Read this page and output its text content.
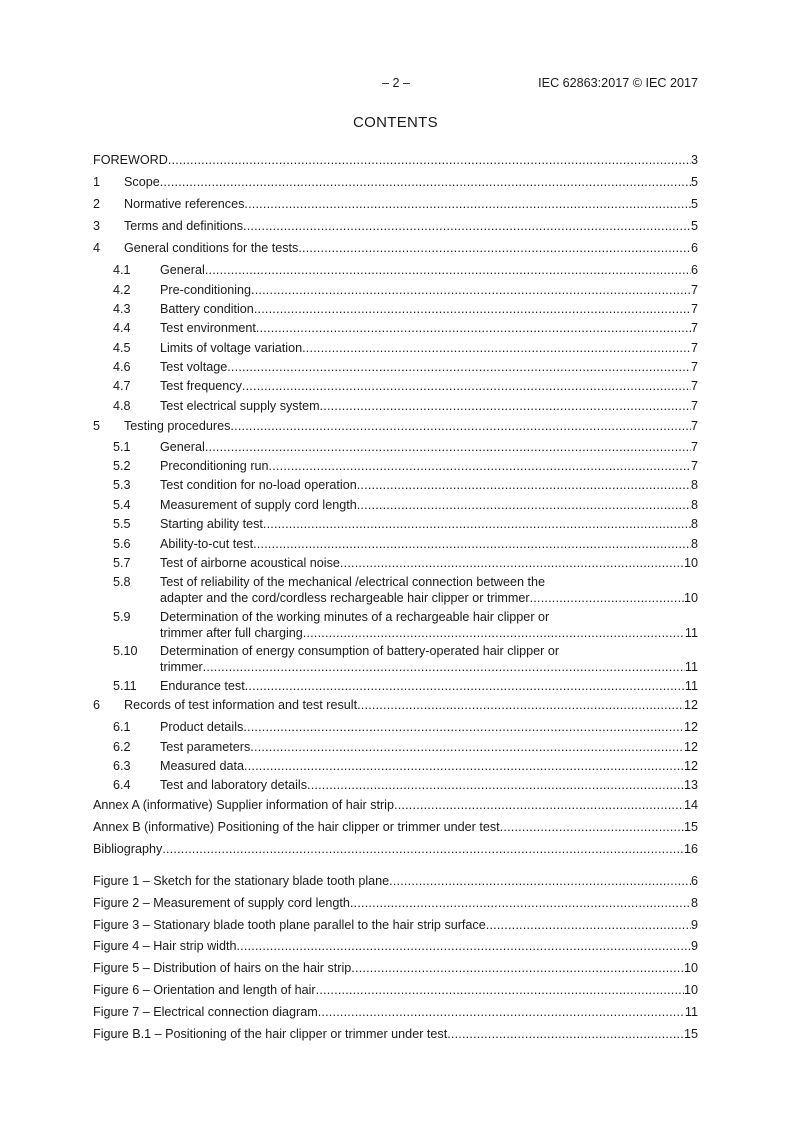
– 2 –	IEC 62863:2017 © IEC 2017
CONTENTS
FOREWORD .....	3
1	Scope .....	5
2	Normative references .....	5
3	Terms and definitions .....	5
4	General conditions for the tests .....	6
4.1	General .....	6
4.2	Pre-conditioning .....	7
4.3	Battery condition .....	7
4.4	Test environment .....	7
4.5	Limits of voltage variation .....	7
4.6	Test voltage .....	7
4.7	Test frequency .....	7
4.8	Test electrical supply system .....	7
5	Testing procedures .....	7
5.1	General .....	7
5.2	Preconditioning run .....	7
5.3	Test condition for no-load operation .....	8
5.4	Measurement of supply cord length .....	8
5.5	Starting ability test .....	8
5.6	Ability-to-cut test .....	8
5.7	Test of airborne acoustical noise .....	10
5.8	Test of reliability of the mechanical /electrical connection between the
adapter and the cord/cordless rechargeable hair clipper or trimmer .....	10
5.9	Determination of the working minutes of a rechargeable hair clipper or
trimmer after full charging .....	11
5.10	Determination of energy consumption of battery-operated hair clipper or
trimmer .....	11
5.11	Endurance test .....	11
6	Records of test information and test result .....	12
6.1	Product details .....	12
6.2	Test parameters .....	12
6.3	Measured data .....	12
6.4	Test and laboratory details .....	13
Annex A (informative) Supplier information of hair strip .....	14
Annex B (informative) Positioning of the hair clipper or trimmer under test .....	15
Bibliography .....	16
Figure 1 – Sketch for the stationary blade tooth plane .....	6
Figure 2 – Measurement of supply cord length .....	8
Figure 3 – Stationary blade tooth plane parallel to the hair strip surface .....	9
Figure 4 – Hair strip width .....	9
Figure 5 – Distribution of hairs on the hair strip .....	10
Figure 6 – Orientation and length of hair .....	10
Figure 7 – Electrical connection diagram .....	11
Figure B.1 – Positioning of the hair clipper or trimmer under test .....	15
